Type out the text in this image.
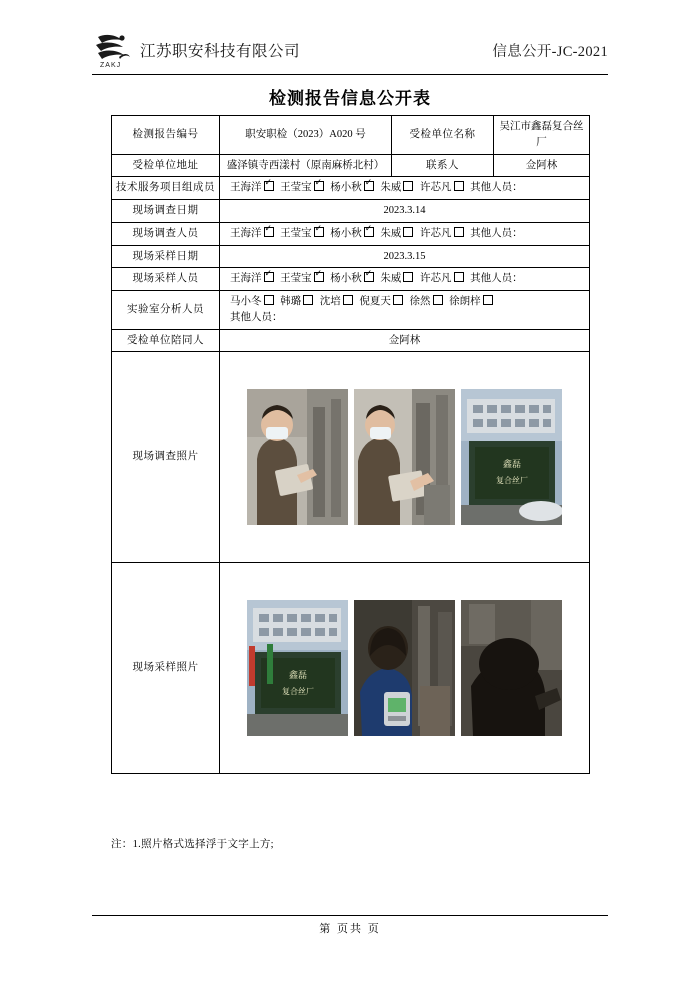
ZAKJ
江苏职安科技有限公司	信息公开-JC-2021
检测报告信息公开表
检测报告编号	职安职检（2023）A020 号	受检单位名称	吴江市鑫磊复合丝厂
受检单位地址	盛泽镇寺西漾村（原南麻桥北村）	联系人	佥阿林
技术服务项目组成员	王海洋 ✓ 王莹宝 ✓ 杨小秋 ✓ 朱威 许芯凡 其他人员：
现场调查日期	2023.3.14		
现场调查人员	王海洋 ✓ 王莹宝 ✓ 杨小秋 ✓ 朱威 许芯凡 其他人员：
现场采样日期	2023.3.15		
现场采样人员	王海洋 ✓ 王莹宝 ✓ 杨小秋 ✓ 朱威 许芯凡 其他人员：
实验室分析人员	马小冬 韩璐 沈培 倪夏天 徐然 徐朗梓
其他人员：		

受检单位陪同人	佥阿林		
现场调查照片	鑫磊
复合丝厂		

现场采样照片	鑫磊
复合丝厂		
注：1.照片格式选择浮于文字上方;
第 页共 页
